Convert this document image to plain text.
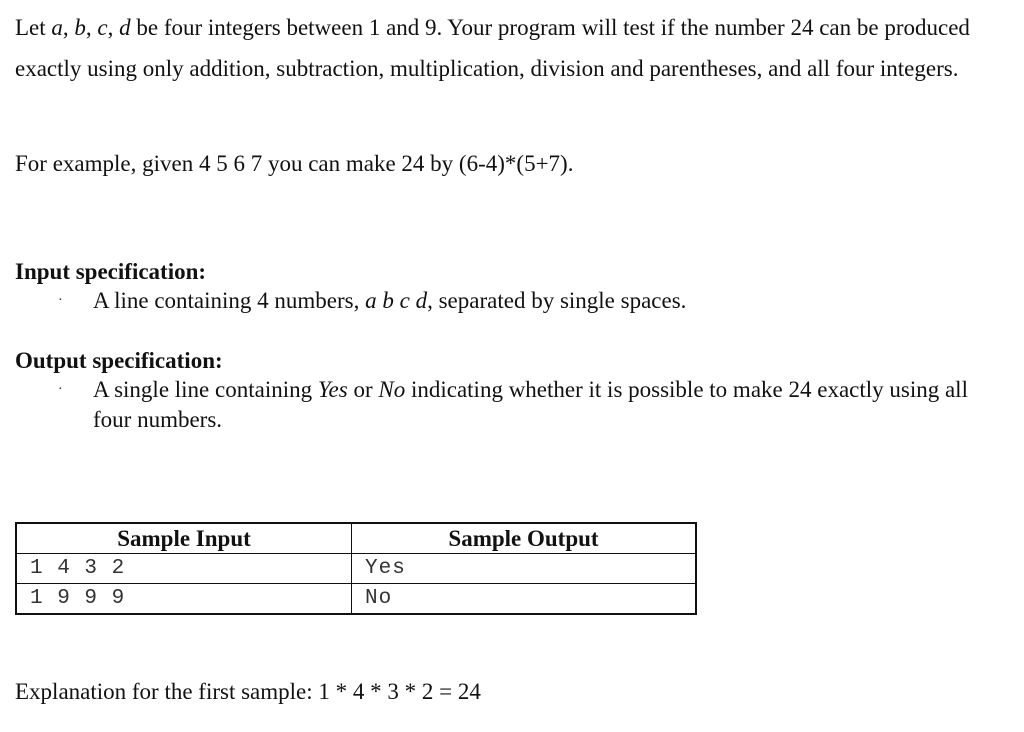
Let a, b, c, d be four integers between 1 and 9. Your program will test if the number 24 can be produced exactly using only addition, subtraction, multiplication, division and parentheses, and all four integers.

For example, given 4 5 6 7 you can make 24 by (6-4)*(5+7).

Input specification:

· A line containing 4 numbers, a b c d, separated by single spaces.

Output specification:

· A single line containing Yes or No indicating whether it is possible to make 24 exactly using all four numbers.
Sample Input	Sample Output
1 4 3 2	Yes
1 9 9 9	No

Explanation for the first sample: 1 * 4 * 3 * 2 = 24
